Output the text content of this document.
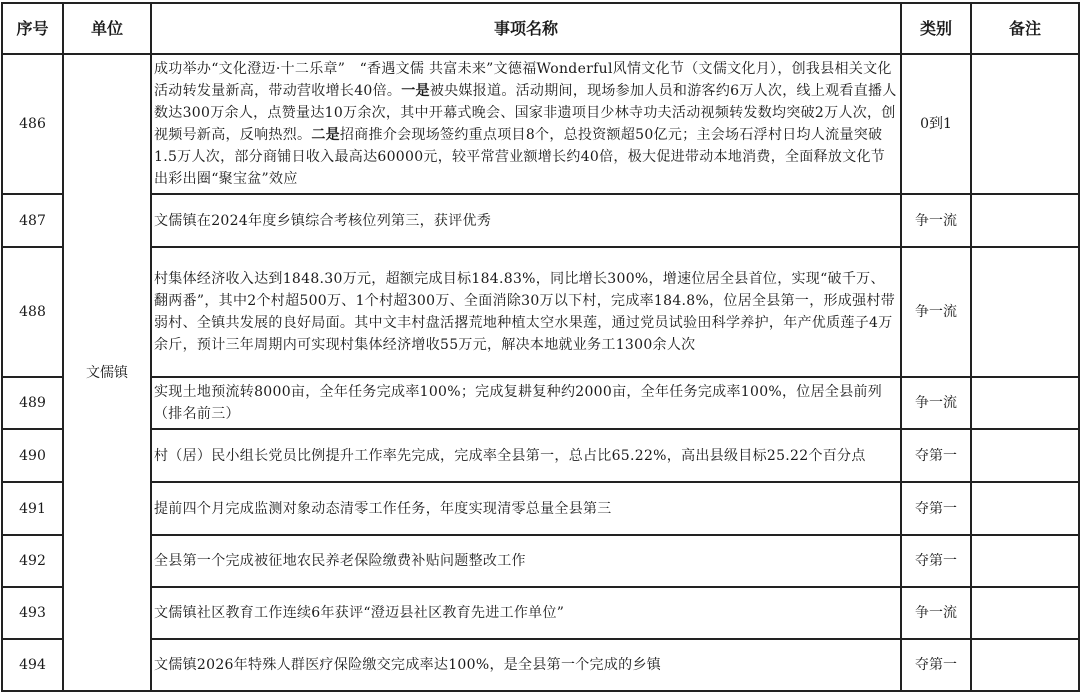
序号	单位	事项名称	类别	备注
486	文儒镇	成功举办“文化澄迈·十二乐章”　“香遇文儒 共富未来”文德福Wonderful风情文化节（文儒文化月），创我县相关文化活动转发量新高，带动营收增长40倍。一是被央媒报道。活动期间，现场参加人员和游客约6万人次，线上观看直播人数达300万余人，点赞量达10万余次，其中开幕式晚会、国家非遗项目少林寺功夫活动视频转发数均突破2万人次，创视频号新高，反响热烈。二是招商推介会现场签约重点项目8个，总投资额超50亿元；主会场石浮村日均人流量突破1.5万人次，部分商铺日收入最高达60000元，较平常营业额增长约40倍，极大促进带动本地消费，全面释放文化节出彩出圈“聚宝盆”效应	0到1	
487		文儒镇在2024年度乡镇综合考核位列第三，获评优秀	争一流	
488		村集体经济收入达到1848.30万元，超额完成目标184.83%，同比增长300%，增速位居全县首位，实现“破千万、翻两番”，其中2个村超500万、1个村超300万、全面消除30万以下村，完成率184.8%，位居全县第一，形成强村带弱村、全镇共发展的良好局面。其中文丰村盘活撂荒地种植太空水果莲，通过党员试验田科学养护，年产优质莲子4万余斤，预计三年周期内可实现村集体经济增收55万元，解决本地就业务工1300余人次	争一流	
489		实现土地预流转8000亩，全年任务完成率100%；完成复耕复种约2000亩，全年任务完成率100%，位居全县前列（排名前三）	争一流	
490		村（居）民小组长党员比例提升工作率先完成，完成率全县第一，总占比65.22%，高出县级目标25.22个百分点	夺第一	
491		提前四个月完成监测对象动态清零工作任务，年度实现清零总量全县第三	夺第一	
492		全县第一个完成被征地农民养老保险缴费补贴问题整改工作	夺第一	
493		文儒镇社区教育工作连续6年获评“澄迈县社区教育先进工作单位”	争一流	
494		文儒镇2026年特殊人群医疗保险缴交完成率达100%，是全县第一个完成的乡镇	夺第一	
